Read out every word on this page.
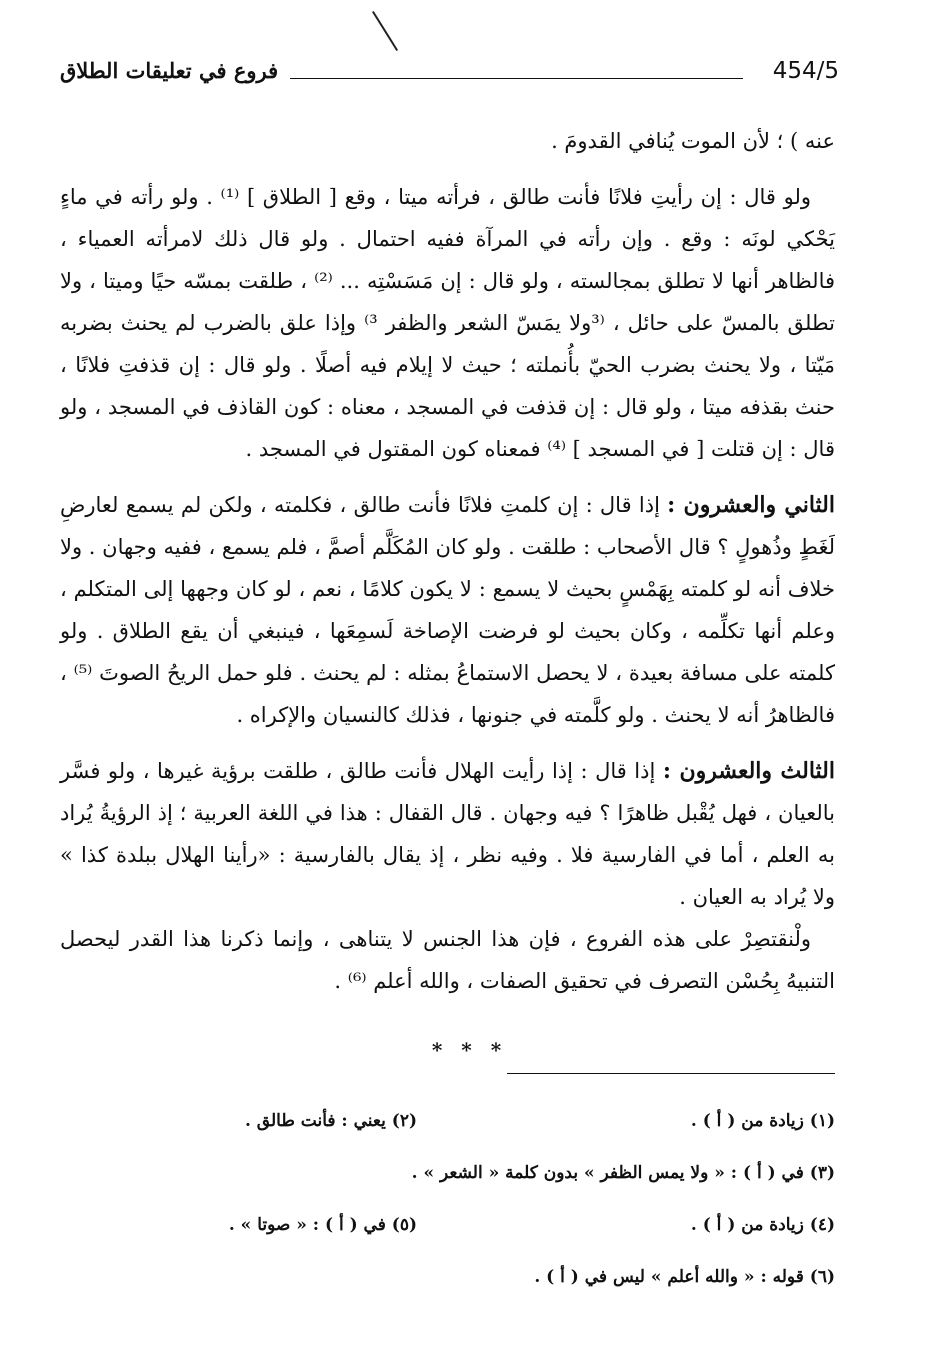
454/5
فروع في تعليقات الطلاق

عنه ) ؛ لأن الموت يُنافي القدومَ .

ولو قال : إن رأيتِ فلانًا فأنت طالق ، فرأته ميتا ، وقع [ الطلاق ] ⁽¹⁾ . ولو رأته في ماءٍ يَحْكي لونَه : وقع . وإن رأته في المرآة ففيه احتمال . ولو قال ذلك لامرأته العمياء ، فالظاهر أنها لا تطلق بمجالسته ، ولو قال : إن مَسَسْتِه ... ⁽²⁾ ، طلقت بمسّه حيًا وميتا ، ولا تطلق بالمسّ على حائل ، ⁽³ولا يمَسّ الشعر والظفر ³⁾ وإذا علق بالضرب لم يحنث بضربه مَيّتا ، ولا يحنث بضرب الحيّ بأُنملته ؛ حيث لا إيلام فيه أصلًا . ولو قال : إن قذفتِ فلانًا ، حنث بقذفه ميتا ، ولو قال : إن قذفت في المسجد ، معناه : كون القاذف في المسجد ، ولو قال : إن قتلت [ في المسجد ] ⁽⁴⁾ فمعناه كون المقتول في المسجد .

الثاني والعشرون : إذا قال : إن كلمتِ فلانًا فأنت طالق ، فكلمته ، ولكن لم يسمع لعارضِ لَغَطٍ وذُهولٍ ؟ قال الأصحاب : طلقت . ولو كان المُكَلَّم أصمَّ ، فلم يسمع ، ففيه وجهان . ولا خلاف أنه لو كلمته بِهَمْسٍ بحيث لا يسمع : لا يكون كلامًا ، نعم ، لو كان وجهها إلى المتكلم ، وعلم أنها تكلِّمه ، وكان بحيث لو فرضت الإصاخة لَسمِعَها ، فينبغي أن يقع الطلاق . ولو كلمته على مسافة بعيدة ، لا يحصل الاستماعُ بمثله : لم يحنث . فلو حمل الريحُ الصوتَ ⁽⁵⁾ ، فالظاهرُ أنه لا يحنث . ولو كلَّمته في جنونها ، فذلك كالنسيان والإكراه .

الثالث والعشرون : إذا قال : إذا رأيت الهلال فأنت طالق ، طلقت برؤية غيرها ، ولو فسَّر بالعيان ، فهل يُقْبل ظاهرًا ؟ فيه وجهان . قال القفال : هذا في اللغة العربية ؛ إذ الرؤيةُ يُراد به العلم ، أما في الفارسية فلا . وفيه نظر ، إذ يقال بالفارسية : «رأينا الهلال ببلدة كذا » ولا يُراد به العيان .

ولْنقتصِرْ على هذه الفروع ، فإن هذا الجنس لا يتناهى ، وإنما ذكرنا هذا القدر ليحصل التنبيهُ بِحُسْن التصرف في تحقيق الصفات ، والله أعلم ⁽⁶⁾ .

* * *
(١) زيادة من ( أ ) .
(٢) يعني : فأنت طالق .
(٣) في ( أ ) : « ولا يمس الظفر » بدون كلمة « الشعر » .
(٤) زيادة من ( أ ) .
(٥) في ( أ ) : « صوتا » .
(٦) قوله : « والله أعلم » ليس في ( أ ) .
